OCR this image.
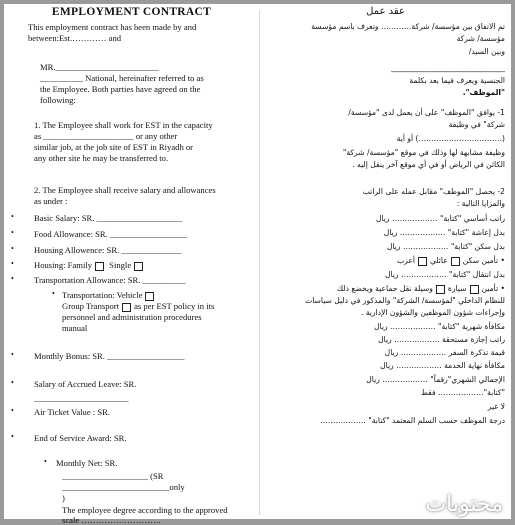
EMPLOYMENT CONTRACT
This employment contract has been made by and
between:Est.………… and
MR.________________________
__________ National, hereinafter referred to as
the Employee. Both parties have agreed on the
following:
1. The Employee shall work for EST in the capacity
as _____________________ or any other
similar job, at the job site of EST in Riyadh or
any other site he may be transferred to.
2. The Employee shall receive salary and allowances
as under :
• Basic Salary: SR. ____________________
• Food Allowance: SR. __________________
• Housing Allowence: SR. ______________
• Housing: Family Single
• Transportation Allowance: SR. __________
• Transportation: Vehicle
Group Transport as per EST policy in its
personnel and administration procedures
manual
• Monthly Bonus: SR. __________________
• Salary of Accrued Leave: SR.
______________________
• Air Ticket Value : SR.
• End of Service Award: SR.
• Monthly Net: SR.
____________________ (SR
_________________________only
)
The employee degree according to the approved
scale ……………………….
عقد عمل
تم الاتفاق بين مؤسسة/ شركة………… وتعرف باسم مؤسسة
مؤسسة/ شركة
وبين السيد/
______________________________
الجنسية ويعرف فيما بعد بكلمة
"الموظف".
1- يوافق "الموظف" على أن يعمل لدى "مؤسسة/
شركة" في وظيفة
(……………………………) أو أية
وظيفة مشابهة لها وذلك في موقع "مؤسسة/ شركة"
الكائن في الرياض أو في أي موقع آخر ينقل إليه .
2- يحصل "الموظف" مقابل عمله على الراتب
والمزايا التالية :
راتب أساسي "كتابة" ……………… ريال
بدل إعاشة "كتابة" ……………… ريال
بدل سكن "كتابة" ……………… ريال
• تأمين سكنعائليأعزب
بدل انتقال "كتابة" ……………… ريال
• تأمينسيارةوسيلة نقل جماعية ويخضع ذلك
للنظام الداخلي "لمؤسسة/ الشركة" والمذكور في دليل سياسات
وإجراءات شؤون الموظفين والشؤون الإدارية .
مكافأة شهرية "كتابة" ……………… ريال
راتب إجازة مستحقة ……………… ريال
قيمة تذكرة السفر ……………… ريال
مكافأة نهاية الخدمة ……………… ريال
الإجمالي الشهري"رقماً" ……………… ريال
"كتابة"……………… فقط
لا غير
درجة الموظف حسب السلم المعتمد "كتابة" ………………
محتويات
